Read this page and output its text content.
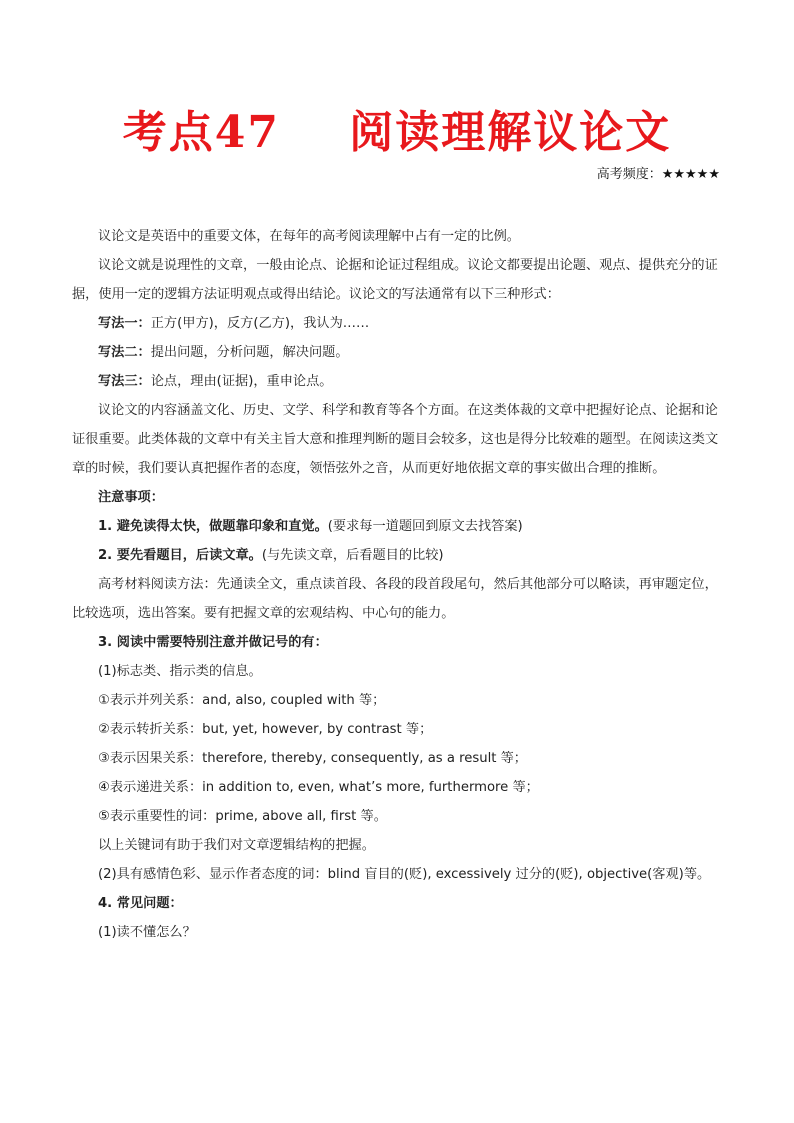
考点47    阅读理解议论文
高考频度：★★★★★

议论文是英语中的重要文体，在每年的高考阅读理解中占有一定的比例。

议论文就是说理性的文章，一般由论点、论据和论证过程组成。议论文都要提出论题、观点、提供充分的证据，使用一定的逻辑方法证明观点或得出结论。议论文的写法通常有以下三种形式：

写法一：正方(甲方)，反方(乙方)，我认为……

写法二：提出问题，分析问题，解决问题。

写法三：论点，理由(证据)，重申论点。

议论文的内容涵盖文化、历史、文学、科学和教育等各个方面。在这类体裁的文章中把握好论点、论据和论证很重要。此类体裁的文章中有关主旨大意和推理判断的题目会较多，这也是得分比较难的题型。在阅读这类文章的时候，我们要认真把握作者的态度，领悟弦外之音，从而更好地依据文章的事实做出合理的推断。

注意事项：

1. 避免读得太快，做题靠印象和直觉。(要求每一道题回到原文去找答案)

2. 要先看题目，后读文章。(与先读文章，后看题目的比较)

高考材料阅读方法：先通读全文，重点读首段、各段的段首段尾句，然后其他部分可以略读，再审题定位，比较选项，选出答案。要有把握文章的宏观结构、中心句的能力。

3. 阅读中需要特别注意并做记号的有：

(1)标志类、指示类的信息。

①表示并列关系：and, also, coupled with 等；

②表示转折关系：but, yet, however, by contrast 等；

③表示因果关系：therefore, thereby, consequently, as a result 等；

④表示递进关系：in addition to, even, what’s more, furthermore 等；

⑤表示重要性的词：prime, above all, first 等。

以上关键词有助于我们对文章逻辑结构的把握。

(2)具有感情色彩、显示作者态度的词：blind 盲目的(贬), excessively 过分的(贬), objective(客观)等。

4. 常见问题：

(1)读不懂怎么？
